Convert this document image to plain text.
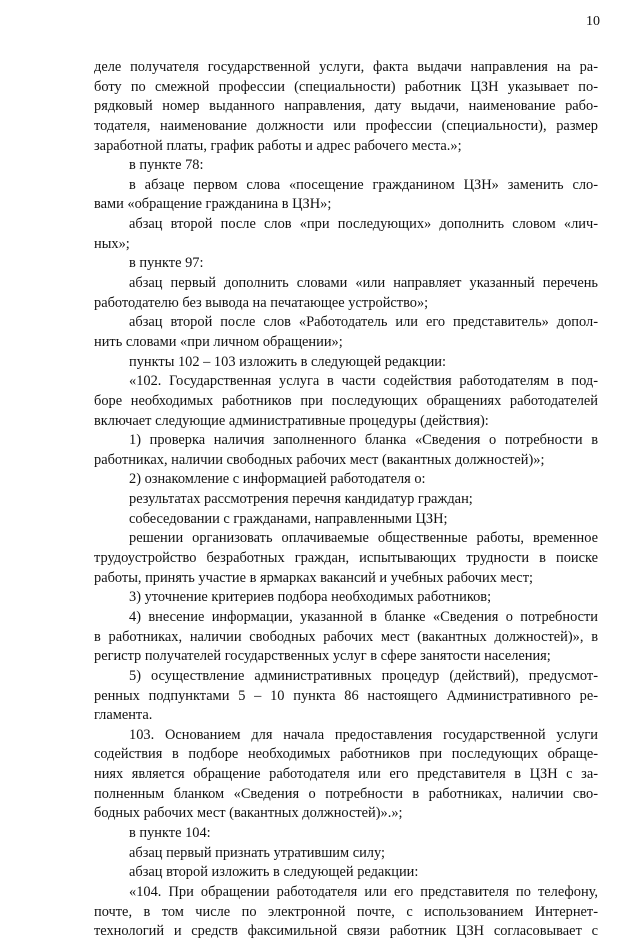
10
деле получателя государственной услуги, факта выдачи направления на ра-
боту по смежной профессии (специальности) работник ЦЗН указывает по-
рядковый номер выданного направления, дату выдачи, наименование рабо-
тодателя, наименование должности или профессии (специальности), размер
заработной платы, график работы и адрес рабочего места.»;
в пункте 78:
в абзаце первом слова «посещение гражданином ЦЗН» заменить сло-
вами «обращение гражданина в ЦЗН»;
абзац второй после слов «при последующих» дополнить словом «лич-
ных»;
в пункте 97:
абзац первый дополнить словами «или направляет указанный перечень
работодателю без вывода на печатающее устройство»;
абзац второй после слов «Работодатель или его представитель» допол-
нить словами «при личном обращении»;
пункты 102 – 103 изложить в следующей редакции:
«102. Государственная услуга в части содействия работодателям в под-
боре необходимых работников при последующих обращениях работодателей
включает следующие административные процедуры (действия):
1) проверка наличия заполненного бланка «Сведения о потребности в
работниках, наличии свободных рабочих мест (вакантных должностей)»;
2) ознакомление с информацией работодателя о:
результатах рассмотрения перечня кандидатур граждан;
собеседовании с гражданами, направленными ЦЗН;
решении организовать оплачиваемые общественные работы, временное
трудоустройство безработных граждан, испытывающих трудности в поиске
работы, принять участие в ярмарках вакансий и учебных рабочих мест;
3) уточнение критериев подбора необходимых работников;
4) внесение информации, указанной в бланке «Сведения о потребности
в работниках, наличии свободных рабочих мест (вакантных должностей)», в
регистр получателей государственных услуг в сфере занятости населения;
5) осуществление административных процедур (действий), предусмот-
ренных подпунктами 5 – 10 пункта 86 настоящего Административного ре-
гламента.
103. Основанием для начала предоставления государственной услуги
содействия в подборе необходимых работников при последующих обраще-
ниях является обращение работодателя или его представителя в ЦЗН с за-
полненным бланком «Сведения о потребности в работниках, наличии сво-
бодных рабочих мест (вакантных должностей)».»;
в пункте 104:
абзац первый признать утратившим силу;
абзац второй изложить в следующей редакции:
«104. При обращении работодателя или его представителя по телефону,
почте, в том числе по электронной почте, с использованием Интернет-
технологий и средств факсимильной связи работник ЦЗН согласовывает с
